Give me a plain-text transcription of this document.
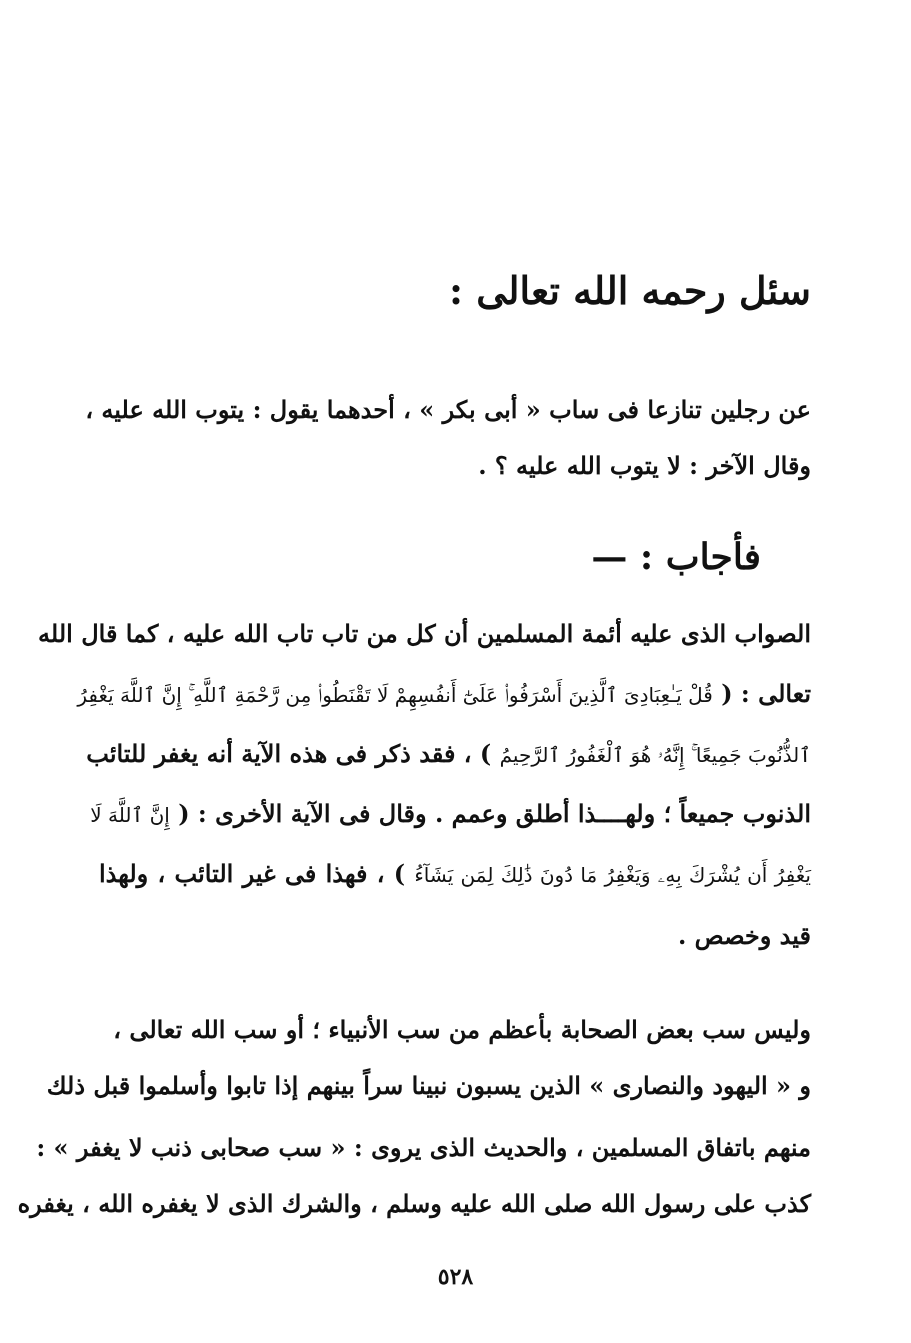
سئل رحمه الله تعالى :
عن رجلين تنازعا فى ساب « أبى بكر » ، أحدهما يقول : يتوب الله عليه ،
وقال الآخر : لا يتوب الله عليه ؟ .
فأجاب : —
الصواب الذى عليه أئمة المسلمين أن كل من تاب تاب الله عليه ، كما قال الله
تعالى : ( قُلْ يَـٰعِبَادِىَ ٱلَّذِينَ أَسْرَفُوا۟ عَلَىٰٓ أَنفُسِهِمْ لَا تَقْنَطُوا۟ مِن رَّحْمَةِ ٱللَّهِ ۚ إِنَّ ٱللَّهَ يَغْفِرُ
ٱلذُّنُوبَ جَمِيعًا ۚ إِنَّهُۥ هُوَ ٱلْغَفُورُ ٱلرَّحِيمُ ) ، فقد ذكر فى هذه الآية أنه يغفر للتائب
الذنوب جميعاً ؛ ولهــــذا أطلق وعمم . وقال فى الآية الأخرى : ( إِنَّ ٱللَّهَ لَا
يَغْفِرُ أَن يُشْرَكَ بِهِۦ وَيَغْفِرُ مَا دُونَ ذَٰلِكَ لِمَن يَشَآءُ ) ، فهذا فى غير التائب ، ولهذا
قيد وخصص .
وليس سب بعض الصحابة بأعظم من سب الأنبياء ؛ أو سب الله تعالى ،
و « اليهود والنصارى » الذين يسبون نبينا سراً بينهم إذا تابوا وأسلموا قبل ذلك
منهم باتفاق المسلمين ، والحديث الذى يروى : « سب صحابى ذنب لا يغفر » :
كذب على رسول الله صلى الله عليه وسلم ، والشرك الذى لا يغفره الله ، يغفره
٥٢٨
